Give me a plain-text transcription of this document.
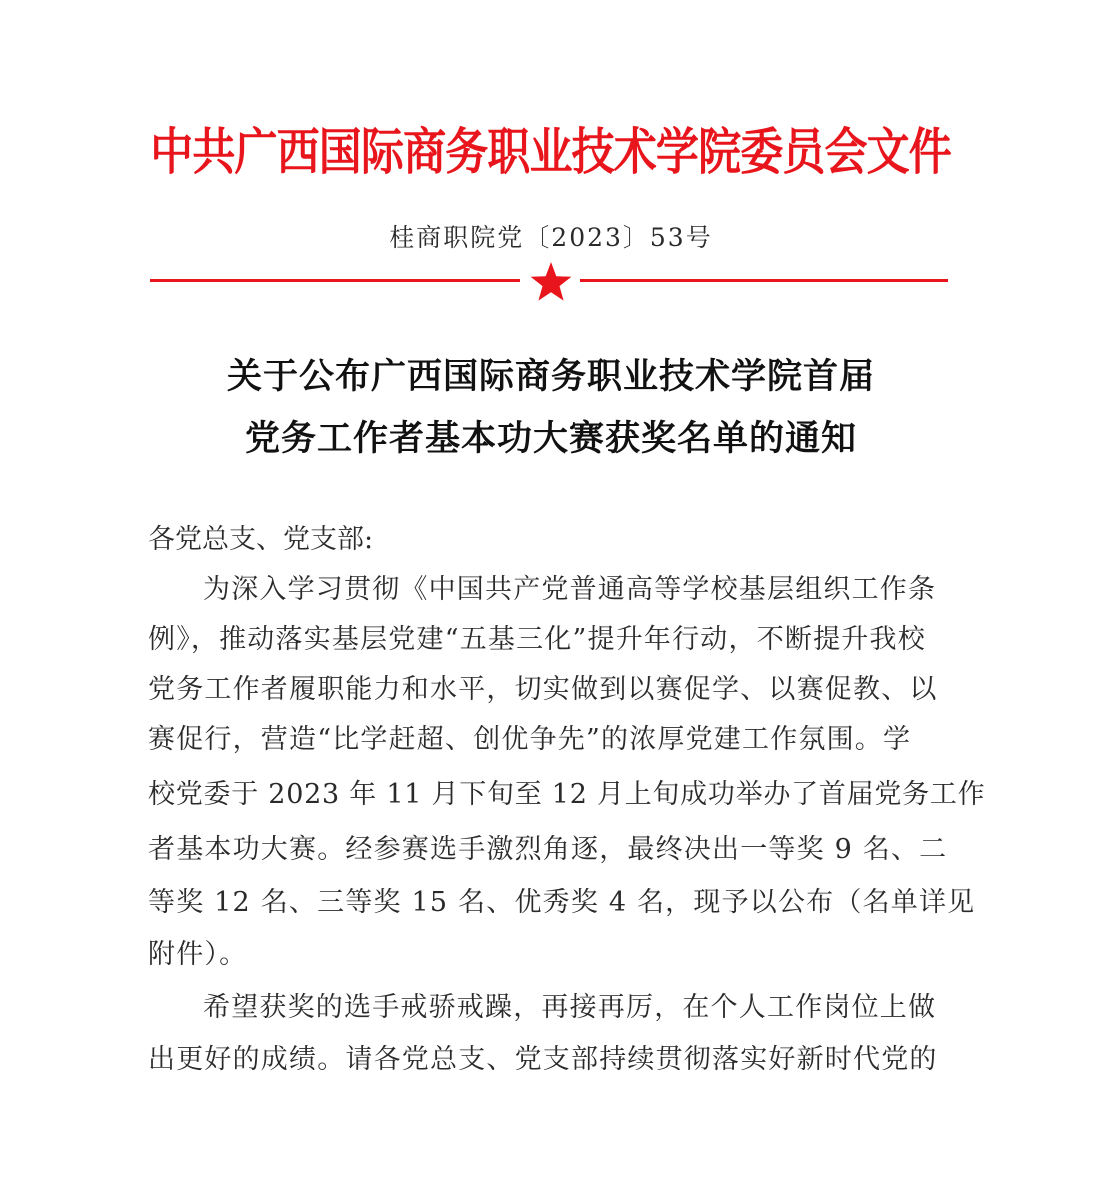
中共广西国际商务职业技术学院委员会文件
桂商职院党〔2023〕53号
关于公布广西国际商务职业技术学院首届
党务工作者基本功大赛获奖名单的通知
各党总支、党支部:
为深入学习贯彻《中国共产党普通高等学校基层组织工作条
例》，推动落实基层党建“五基三化”提升年行动，不断提升我校
党务工作者履职能力和水平，切实做到以赛促学、以赛促教、以
赛促行，营造“比学赶超、创优争先”的浓厚党建工作氛围。学
校党委于 2023 年 11 月下旬至 12 月上旬成功举办了首届党务工作
者基本功大赛。经参赛选手激烈角逐，最终决出一等奖 9 名、二
等奖 12 名、三等奖 15 名、优秀奖 4 名，现予以公布（名单详见
附件）。
希望获奖的选手戒骄戒躁，再接再厉，在个人工作岗位上做
出更好的成绩。请各党总支、党支部持续贯彻落实好新时代党的
